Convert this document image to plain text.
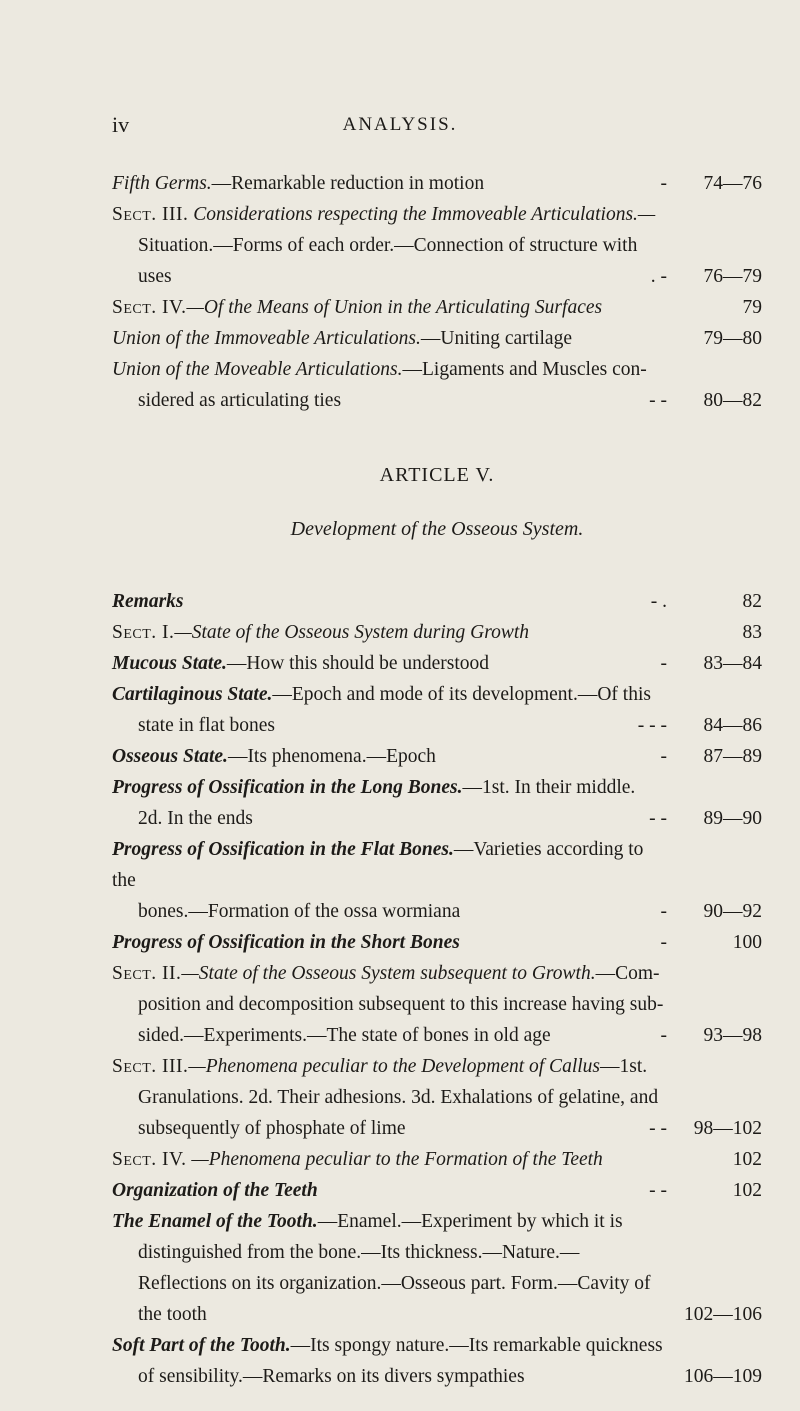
iv	ANALYSIS.
Fifth Germs.—Remarkable reduction in motion	-	74—76
Sect. III. Considerations respecting the Immoveable Articulations.—
Situation.—Forms of each order.—Connection of structure with uses	. -	76—79
Sect. IV.—Of the Means of Union in the Articulating Surfaces	79
Union of the Immoveable Articulations.—Uniting cartilage	79—80
Union of the Moveable Articulations.—Ligaments and Muscles con-
sidered as articulating ties	- -	80—82
ARTICLE V.
Development of the Osseous System.
Remarks	- .	82
Sect. I.—State of the Osseous System during Growth	83
Mucous State.—How this should be understood	-	83—84
Cartilaginous State.—Epoch and mode of its development.—Of this
state in flat bones	- - -	84—86
Osseous State.—Its phenomena.—Epoch	-	87—89
Progress of Ossification in the Long Bones.—1st. In their middle.
2d. In the ends	- -	89—90
Progress of Ossification in the Flat Bones.—Varieties according to the
bones.—Formation of the ossa wormiana	-	90—92
Progress of Ossification in the Short Bones	-	100
Sect. II.—State of the Osseous System subsequent to Growth.—Com-
position and decomposition subsequent to this increase having sub- sided.—Experiments.—The state of bones in old age	-	93—98
Sect. III.—Phenomena peculiar to the Development of Callus—1st.
Granulations. 2d. Their adhesions. 3d. Exhalations of gelatine, and subsequently of phosphate of lime	- -	98—102
Sect. IV. —Phenomena peculiar to the Formation of the Teeth	102
Organization of the Teeth	- -	102
The Enamel of the Tooth.—Enamel.—Experiment by which it is
distinguished from the bone.—Its thickness.—Nature.—Reflections on its organization.—Osseous part. Form.—Cavity of the tooth	102—106
Soft Part of the Tooth.—Its spongy nature.—Its remarkable quickness
of sensibility.—Remarks on its divers sympathies	106—109
